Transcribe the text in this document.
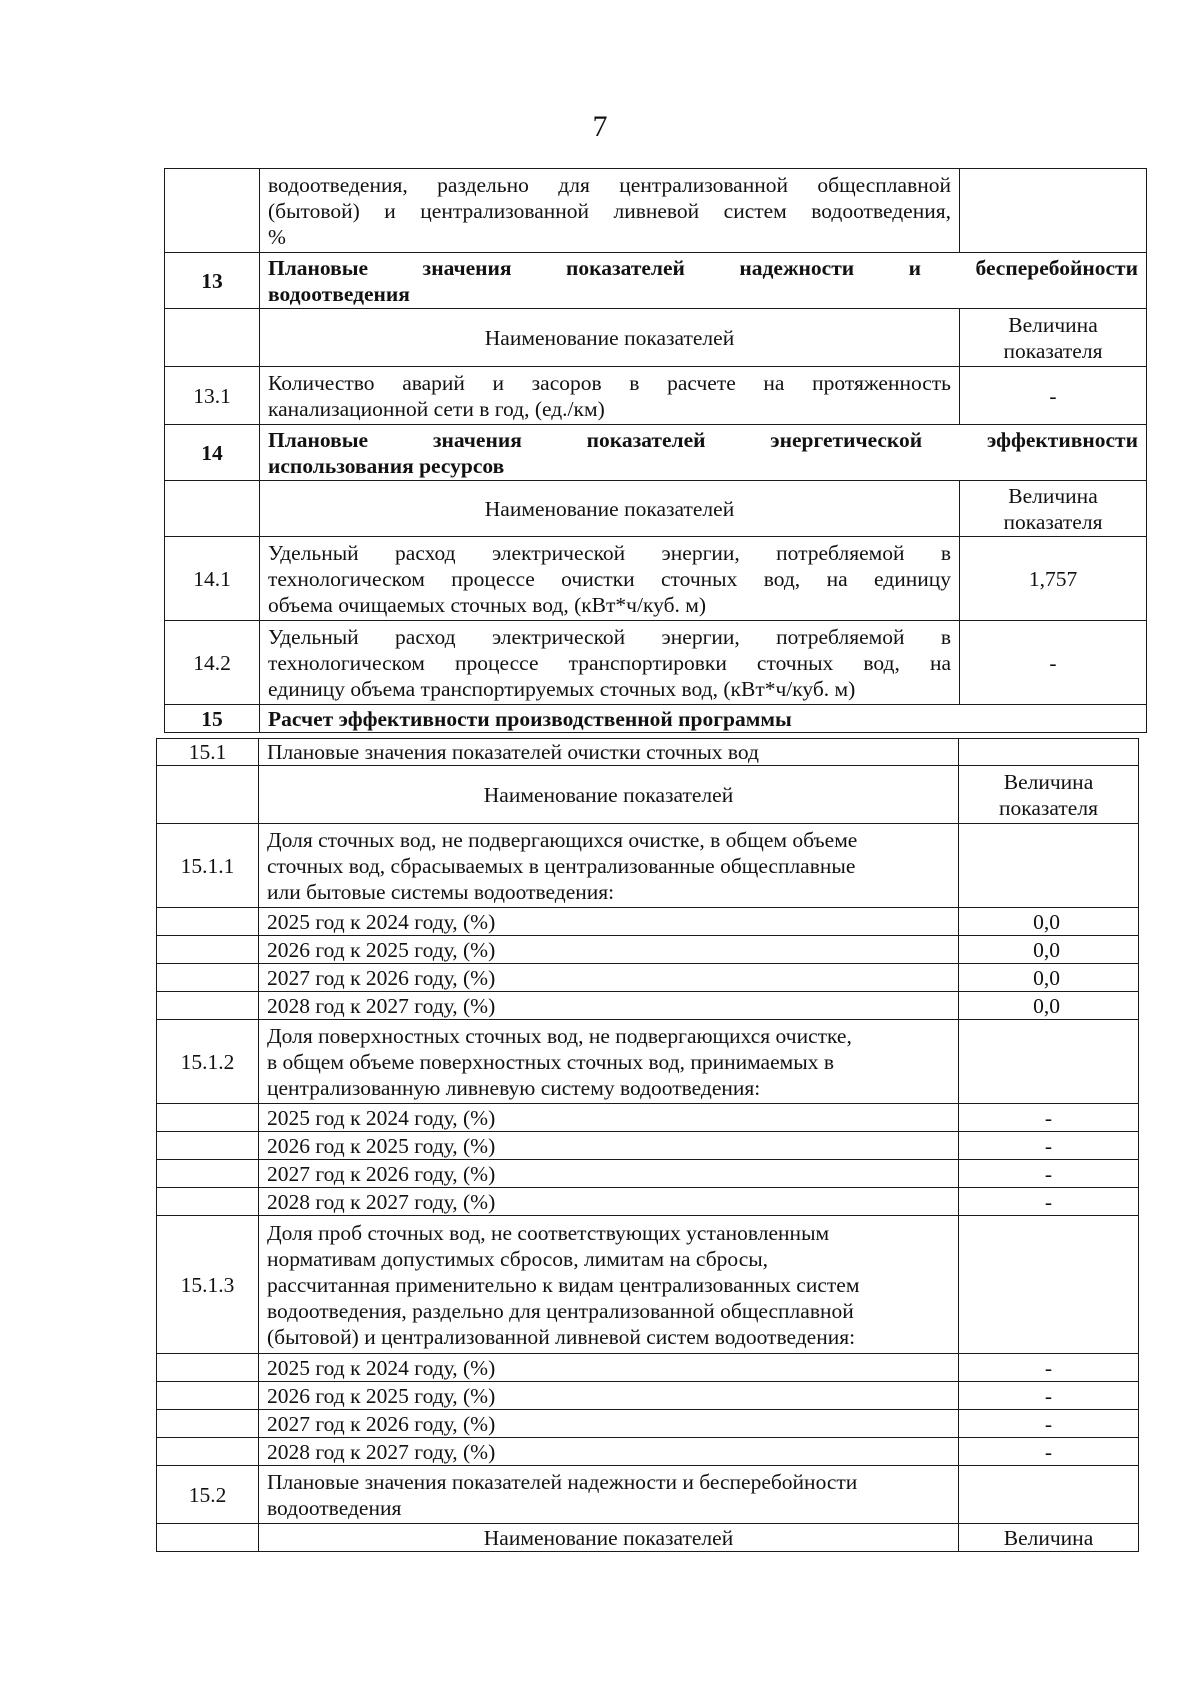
7

	водоотведения, раздельно для централизованной общесплавной
(бытовой) и централизованной ливневой систем водоотведения,
%	

13	Плановые значения показателей надежности и бесперебойности
водоотведения	

	Наименование показателей	Величина
показателя

13.1	Количество аварий и засоров в расчете на протяженность
канализационной сети в год, (ед./км)	-
14	Плановые значения показателей энергетической эффективности
использования ресурсов	

	Наименование показателей	Величина
показателя

14.1	Удельный расход электрической энергии, потребляемой в
технологическом процессе очистки сточных вод, на единицу
объема очищаемых сточных вод, (кВт*ч/куб. м)	1,757
14.2	Удельный расход электрической энергии, потребляемой в
технологическом процессе транспортировки сточных вод, на
единицу объема транспортируемых сточных вод, (кВт*ч/куб. м)	-
15	Расчет эффективности производственной программы	
15.1	Плановые значения показателей очистки сточных вод	
	Наименование показателей	Величина
показателя

15.1.1	Доля сточных вод, не подвергающихся очистке, в общем объеме
сточных вод, сбрасываемых в централизованные общесплавные
или бытовые системы водоотведения:	

	2025 год к 2024 году, (%)	0,0
	2026 год к 2025 году, (%)	0,0
	2027 год к 2026 году, (%)	0,0
	2028 год к 2027 году, (%)	0,0
15.1.2	Доля поверхностных сточных вод, не подвергающихся очистке,
в общем объеме поверхностных сточных вод, принимаемых в
централизованную ливневую систему водоотведения:	

	2025 год к 2024 году, (%)	-
	2026 год к 2025 году, (%)	-
	2027 год к 2026 году, (%)	-
	2028 год к 2027 году, (%)	-
15.1.3	Доля проб сточных вод, не соответствующих установленным
нормативам допустимых сбросов, лимитам на сбросы,
рассчитанная применительно к видам централизованных систем
водоотведения, раздельно для централизованной общесплавной
(бытовой) и централизованной ливневой систем водоотведения:	

	2025 год к 2024 году, (%)	-
	2026 год к 2025 году, (%)	-
	2027 год к 2026 году, (%)	-
	2028 год к 2027 году, (%)	-
15.2	Плановые значения показателей надежности и бесперебойности
водоотведения	

	Наименование показателей	Величина
